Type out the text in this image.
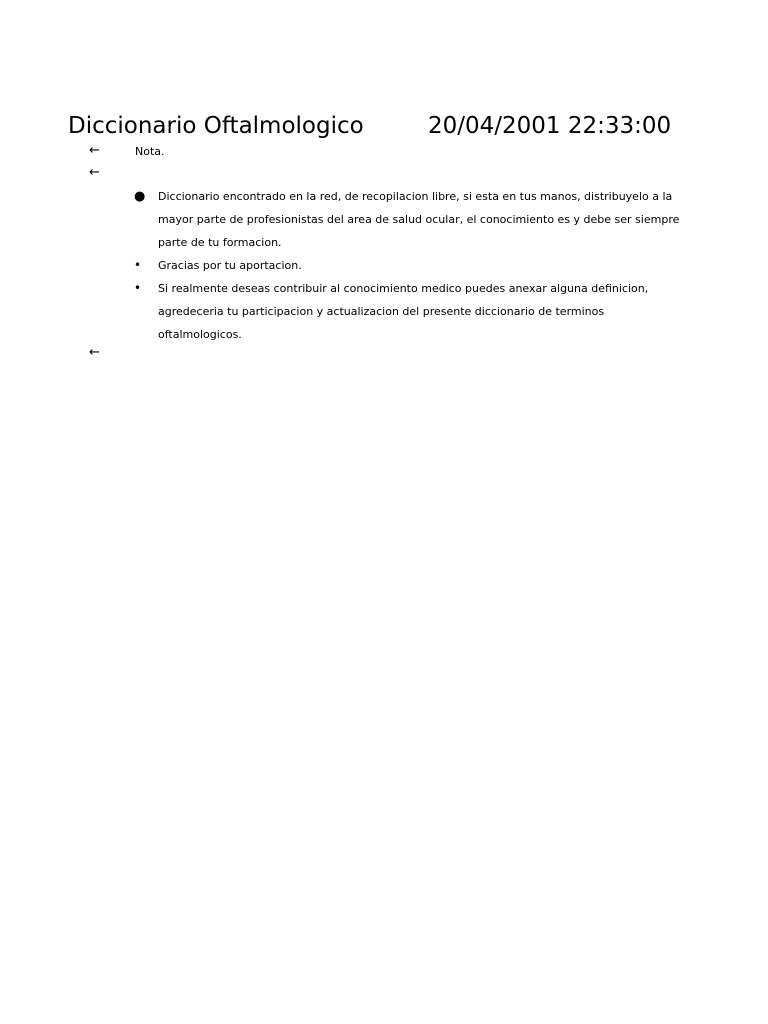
Diccionario Oftalmologico	20/04/2001 22:33:00
←	Nota.
←
● Diccionario encontrado en la red, de recopilacion libre, si esta en tus manos, distribuyelo a la mayor parte de profesionistas del area de salud ocular, el conocimiento es y debe ser siempre parte de tu formacion.
• Gracias por tu aportacion.
• Si realmente deseas contribuir al conocimiento medico puedes anexar alguna definicion, agredeceria tu participacion y actualizacion del presente diccionario de terminos oftalmologicos.
←
